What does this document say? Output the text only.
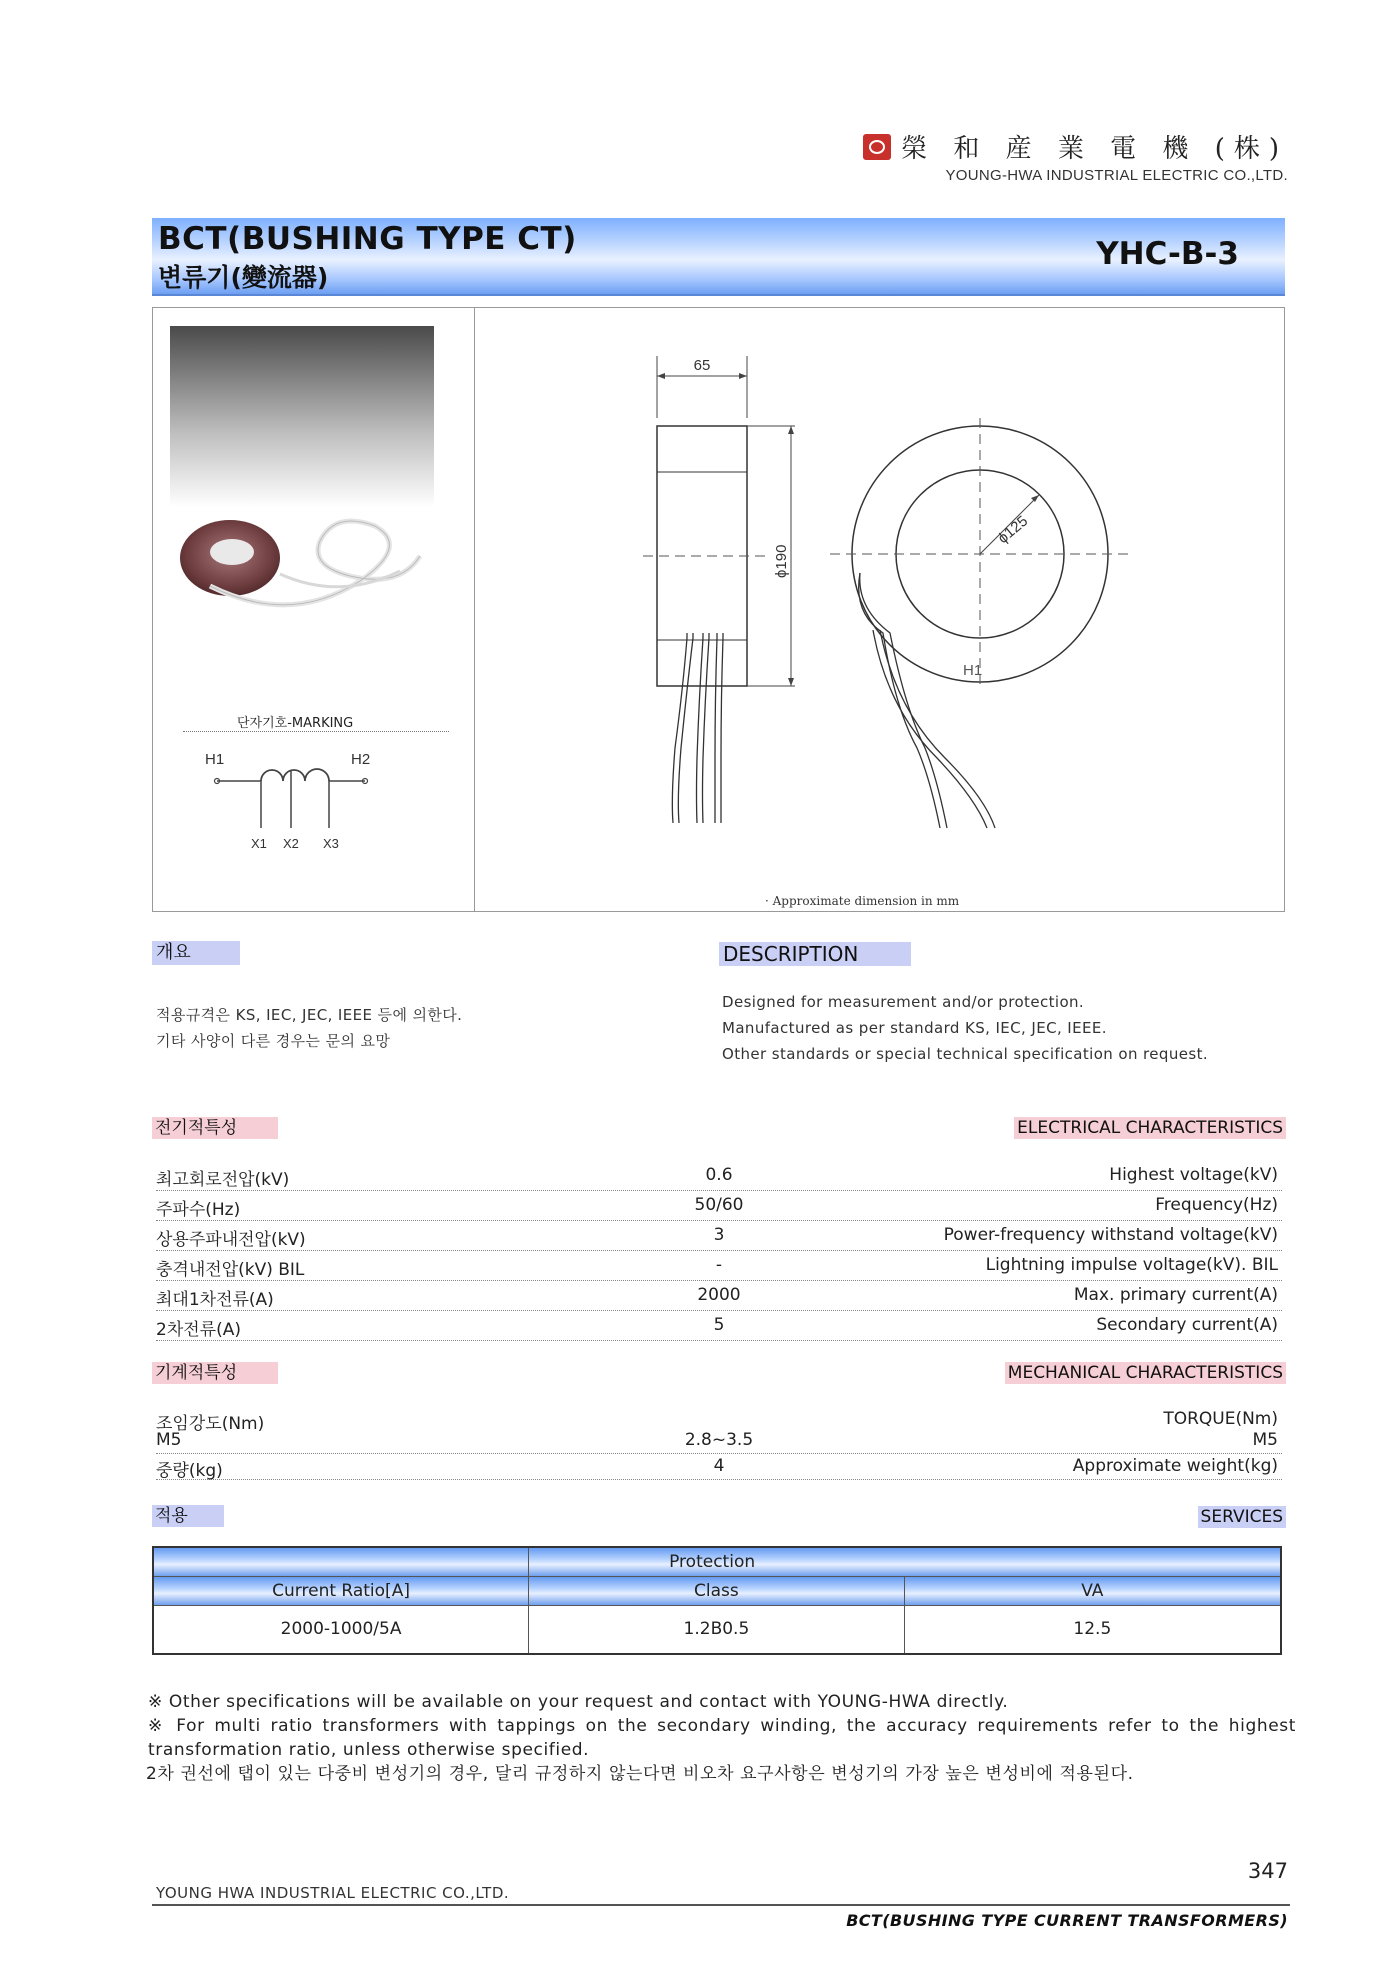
榮 和 産 業 電 機 (株)
YOUNG-HWA INDUSTRIAL ELECTRIC CO.,LTD.
BCT(BUSHING TYPE CT)
변류기(變流器)
YHC-B-3
단자기호-MARKING
H1	H2
X1 X2 X3
65
ϕ190
ϕ125
H1
· Approximate dimension in mm
개요	DESCRIPTION
적용규격은 KS, IEC, JEC, IEEE 등에 의한다.
기타 사양이 다른 경우는 문의 요망
Designed for measurement and/or protection.
Manufactured as per standard KS, IEC, JEC, IEEE.
Other standards or special technical specification on request.
전기적특성	ELECTRICAL CHARACTERISTICS
최고회로전압(kV)	0.6	Highest voltage(kV)
주파수(Hz)	50/60	Frequency(Hz)
상용주파내전압(kV)	3	Power-frequency withstand voltage(kV)
충격내전압(kV) BIL	-	Lightning impulse voltage(kV). BIL
최대1차전류(A)	2000	Max. primary current(A)
2차전류(A)	5	Secondary current(A)
기계적특성	MECHANICAL CHARACTERISTICS
조임강도(Nm)	TORQUE(Nm)
M5	2.8~3.5	M5
중량(kg)	4	Approximate weight(kg)
적용	SERVICES
	Protection	
Current Ratio[A]	Class	VA
2000-1000/5A	1.2B0.5	12.5

※ Other specifications will be available on your request and contact with YOUNG-HWA directly.

※ For multi ratio transformers with tappings on the secondary winding, the accuracy requirements refer to the highest transformation ratio, unless otherwise specified.

2차 권선에 탭이 있는 다중비 변성기의 경우, 달리 규정하지 않는다면 비오차 요구사항은 변성기의 가장 높은 변성비에 적용된다.

347
YOUNG HWA INDUSTRIAL ELECTRIC CO.,LTD.
BCT(BUSHING TYPE CURRENT TRANSFORMERS)
